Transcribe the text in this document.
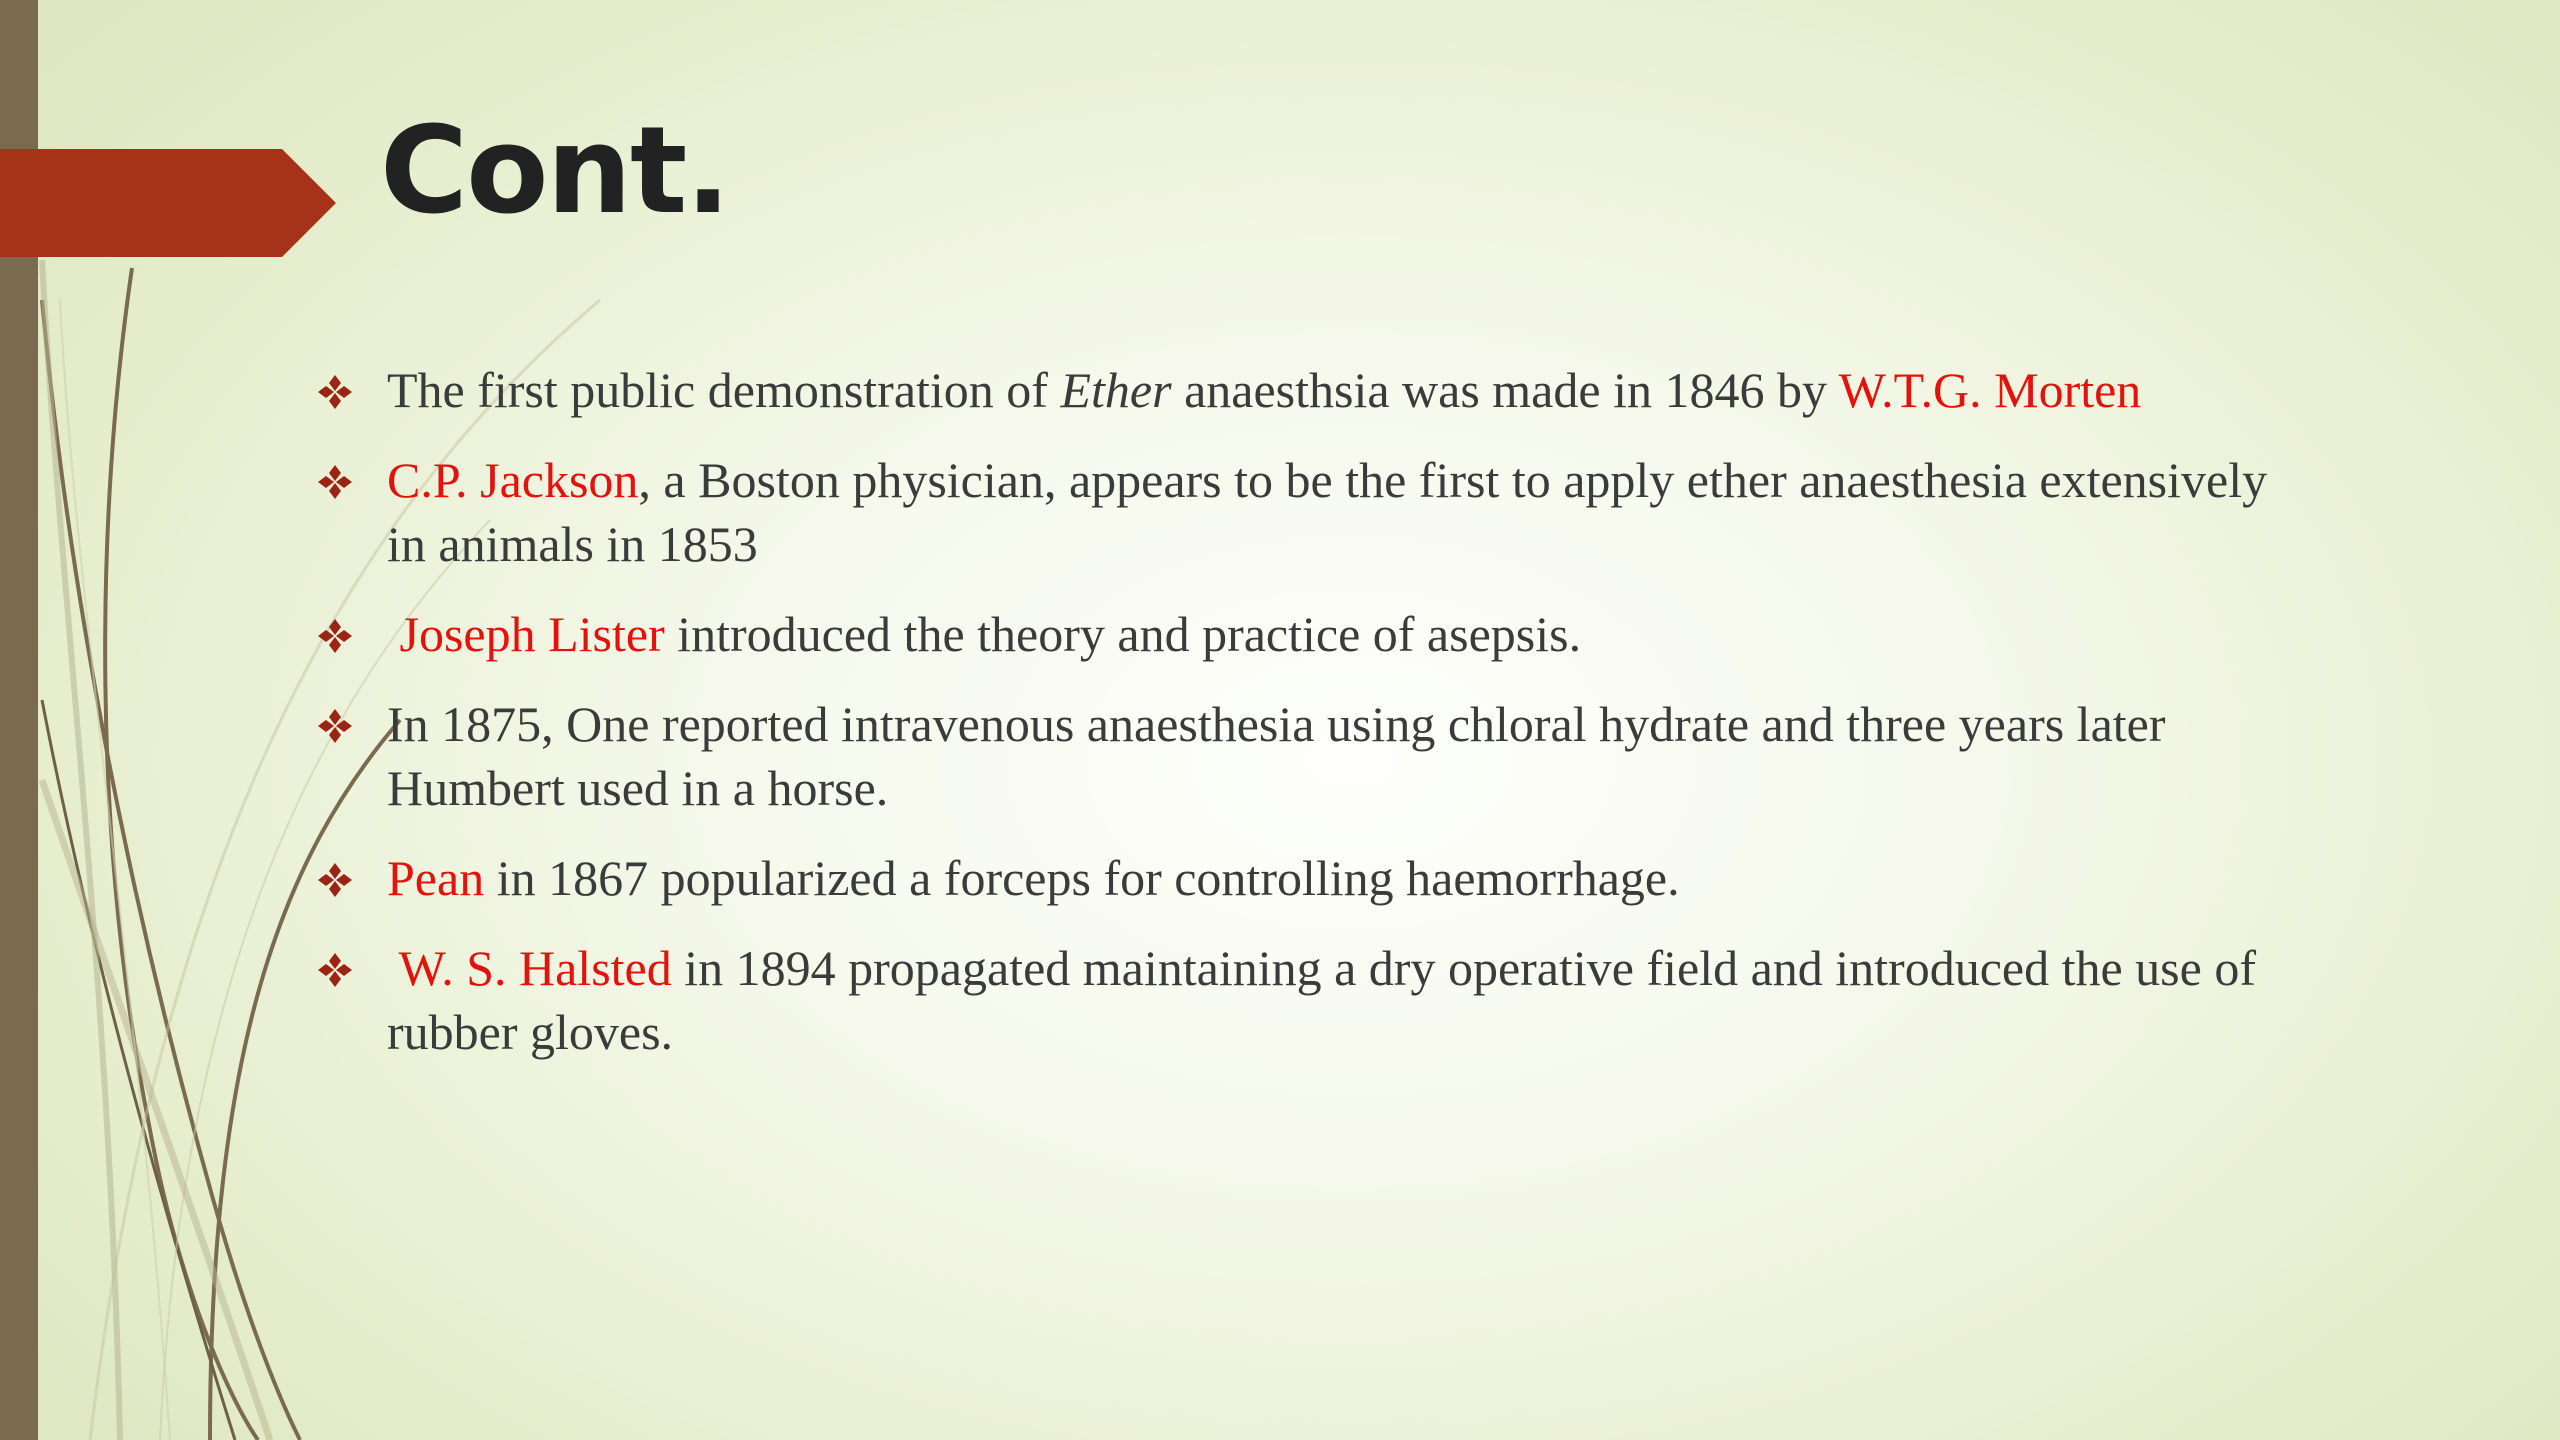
Cont.
The first public demonstration of Ether anaesthsia was made in 1846 by W.T.G. Morten
C.P. Jackson, a Boston physician, appears to be the first to apply ether anaesthesia extensively in animals in 1853
Joseph Lister introduced the theory and practice of asepsis.
In 1875, One reported intravenous anaesthesia using chloral hydrate and three years later Humbert used in a horse.
Pean in 1867 popularized a forceps for controlling haemorrhage.
W. S. Halsted in 1894 propagated maintaining a dry operative field and introduced the use of rubber gloves.
